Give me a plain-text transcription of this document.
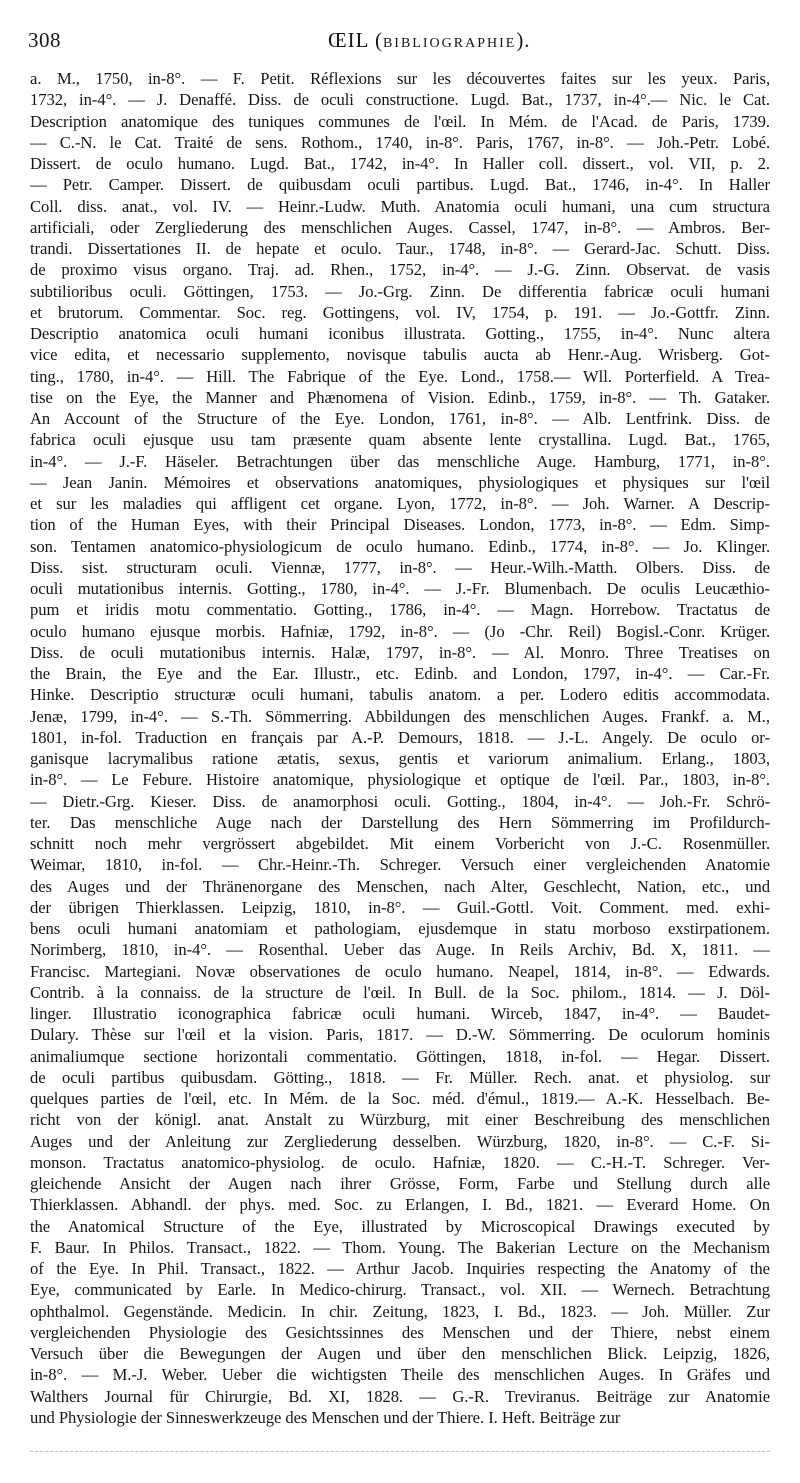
308	ŒIL (BIBLIOGRAPHIE).
a. M., 1750, in-8°. — F. Petit. Réflexions sur les découvertes faites sur les yeux. Paris,
1732, in-4°. — J. Denaffé. Diss. de oculi constructione. Lugd. Bat., 1737, in-4°.— Nic. le Cat.
Description anatomique des tuniques communes de l'œil. In Mém. de l'Acad. de Paris, 1739.
— C.-N. le Cat. Traité de sens. Rothom., 1740, in-8°. Paris, 1767, in-8°. — Joh.-Petr. Lobé.
Dissert. de oculo humano. Lugd. Bat., 1742, in-4°. In Haller coll. dissert., vol. VII, p. 2.
— Petr. Camper. Dissert. de quibusdam oculi partibus. Lugd. Bat., 1746, in-4°. In Haller
Coll. diss. anat., vol. IV. — Heinr.-Ludw. Muth. Anatomia oculi humani, una cum structura
artificiali, oder Zergliederung des menschlichen Auges. Cassel, 1747, in-8°. — Ambros. Ber-
trandi. Dissertationes II. de hepate et oculo. Taur., 1748, in-8°. — Gerard-Jac. Schutt. Diss.
de proximo visus organo. Traj. ad. Rhen., 1752, in-4°. — J.-G. Zinn. Observat. de vasis
subtilioribus oculi. Göttingen, 1753. — Jo.-Grg. Zinn. De differentia fabricæ oculi humani
et brutorum. Commentar. Soc. reg. Gottingens, vol. IV, 1754, p. 191. — Jo.-Gottfr. Zinn.
Descriptio anatomica oculi humani iconibus illustrata. Gotting., 1755, in-4°. Nunc altera
vice edita, et necessario supplemento, novisque tabulis aucta ab Henr.-Aug. Wrisberg. Got-
ting., 1780, in-4°. — Hill. The Fabrique of the Eye. Lond., 1758.— Wll. Porterfield. A Trea-
tise on the Eye, the Manner and Phænomena of Vision. Edinb., 1759, in-8°. — Th. Gataker.
An Account of the Structure of the Eye. London, 1761, in-8°. — Alb. Lentfrink. Diss. de
fabrica oculi ejusque usu tam præsente quam absente lente crystallina. Lugd. Bat., 1765,
in-4°. — J.-F. Häseler. Betrachtungen über das menschliche Auge. Hamburg, 1771, in-8°.
— Jean Janin. Mémoires et observations anatomiques, physiologiques et physiques sur l'œil
et sur les maladies qui affligent cet organe. Lyon, 1772, in-8°. — Joh. Warner. A Descrip-
tion of the Human Eyes, with their Principal Diseases. London, 1773, in-8°. — Edm. Simp-
son. Tentamen anatomico-physiologicum de oculo humano. Edinb., 1774, in-8°. — Jo. Klinger.
Diss. sist. structuram oculi. Viennæ, 1777, in-8°. — Heur.-Wilh.-Matth. Olbers. Diss. de
oculi mutationibus internis. Gotting., 1780, in-4°. — J.-Fr. Blumenbach. De oculis Leucæthio-
pum et iridis motu commentatio. Gotting., 1786, in-4°. — Magn. Horrebow. Tractatus de
oculo humano ejusque morbis. Hafniæ, 1792, in-8°. — (Jo -Chr. Reil) Bogisl.-Conr. Krüger.
Diss. de oculi mutationibus internis. Halæ, 1797, in-8°. — Al. Monro. Three Treatises on
the Brain, the Eye and the Ear. Illustr., etc. Edinb. and London, 1797, in-4°. — Car.-Fr.
Hinke. Descriptio structuræ oculi humani, tabulis anatom. a per. Lodero editis accommodata.
Jenæ, 1799, in-4°. — S.-Th. Sömmerring. Abbildungen des menschlichen Auges. Frankf. a. M.,
1801, in-fol. Traduction en français par A.-P. Demours, 1818. — J.-L. Angely. De oculo or-
ganisque lacrymalibus ratione ætatis, sexus, gentis et variorum animalium. Erlang., 1803,
in-8°. — Le Febure. Histoire anatomique, physiologique et optique de l'œil. Par., 1803, in-8°.
— Dietr.-Grg. Kieser. Diss. de anamorphosi oculi. Gotting., 1804, in-4°. — Joh.-Fr. Schrö-
ter. Das menschliche Auge nach der Darstellung des Hern Sömmerring im Profildurch-
schnitt noch mehr vergrössert abgebildet. Mit einem Vorbericht von J.-C. Rosenmüller.
Weimar, 1810, in-fol. — Chr.-Heinr.-Th. Schreger. Versuch einer vergleichenden Anatomie
des Auges und der Thränenorgane des Menschen, nach Alter, Geschlecht, Nation, etc., und
der übrigen Thierklassen. Leipzig, 1810, in-8°. — Guil.-Gottl. Voit. Comment. med. exhi-
bens oculi humani anatomiam et pathologiam, ejusdemque in statu morboso exstirpationem.
Norimberg, 1810, in-4°. — Rosenthal. Ueber das Auge. In Reils Archiv, Bd. X, 1811. —
Francisc. Martegiani. Novæ observationes de oculo humano. Neapel, 1814, in-8°. — Edwards.
Contrib. à la connaiss. de la structure de l'œil. In Bull. de la Soc. philom., 1814. — J. Döl-
linger. Illustratio iconographica fabricæ oculi humani. Wirceb, 1847, in-4°. — Baudet-
Dulary. Thèse sur l'œil et la vision. Paris, 1817. — D.-W. Sömmerring. De oculorum hominis
animaliumque sectione horizontali commentatio. Göttingen, 1818, in-fol. — Hegar. Dissert.
de oculi partibus quibusdam. Götting., 1818. — Fr. Müller. Rech. anat. et physiolog. sur
quelques parties de l'œil, etc. In Mém. de la Soc. méd. d'émul., 1819.— A.-K. Hesselbach. Be-
richt von der königl. anat. Anstalt zu Würzburg, mit einer Beschreibung des menschlichen
Auges und der Anleitung zur Zergliederung desselben. Würzburg, 1820, in-8°. — C.-F. Si-
monson. Tractatus anatomico-physiolog. de oculo. Hafniæ, 1820. — C.-H.-T. Schreger. Ver-
gleichende Ansicht der Augen nach ihrer Grösse, Form, Farbe und Stellung durch alle
Thierklassen. Abhandl. der phys. med. Soc. zu Erlangen, I. Bd., 1821. — Everard Home. On
the Anatomical Structure of the Eye, illustrated by Microscopical Drawings executed by
F. Baur. In Philos. Transact., 1822. — Thom. Young. The Bakerian Lecture on the Mechanism
of the Eye. In Phil. Transact., 1822. — Arthur Jacob. Inquiries respecting the Anatomy of the
Eye, communicated by Earle. In Medico-chirurg. Transact., vol. XII. — Wernech. Betrachtung
ophthalmol. Gegenstände. Medicin. In chir. Zeitung, 1823, I. Bd., 1823. — Joh. Müller. Zur
vergleichenden Physiologie des Gesichtssinnes des Menschen und der Thiere, nebst einem
Versuch über die Bewegungen der Augen und über den menschlichen Blick. Leipzig, 1826,
in-8°. — M.-J. Weber. Ueber die wichtigsten Theile des menschlichen Auges. In Gräfes und
Walthers Journal für Chirurgie, Bd. XI, 1828. — G.-R. Treviranus. Beiträge zur Anatomie
und Physiologie der Sinneswerkzeuge des Menschen und der Thiere. I. Heft. Beiträge zur
